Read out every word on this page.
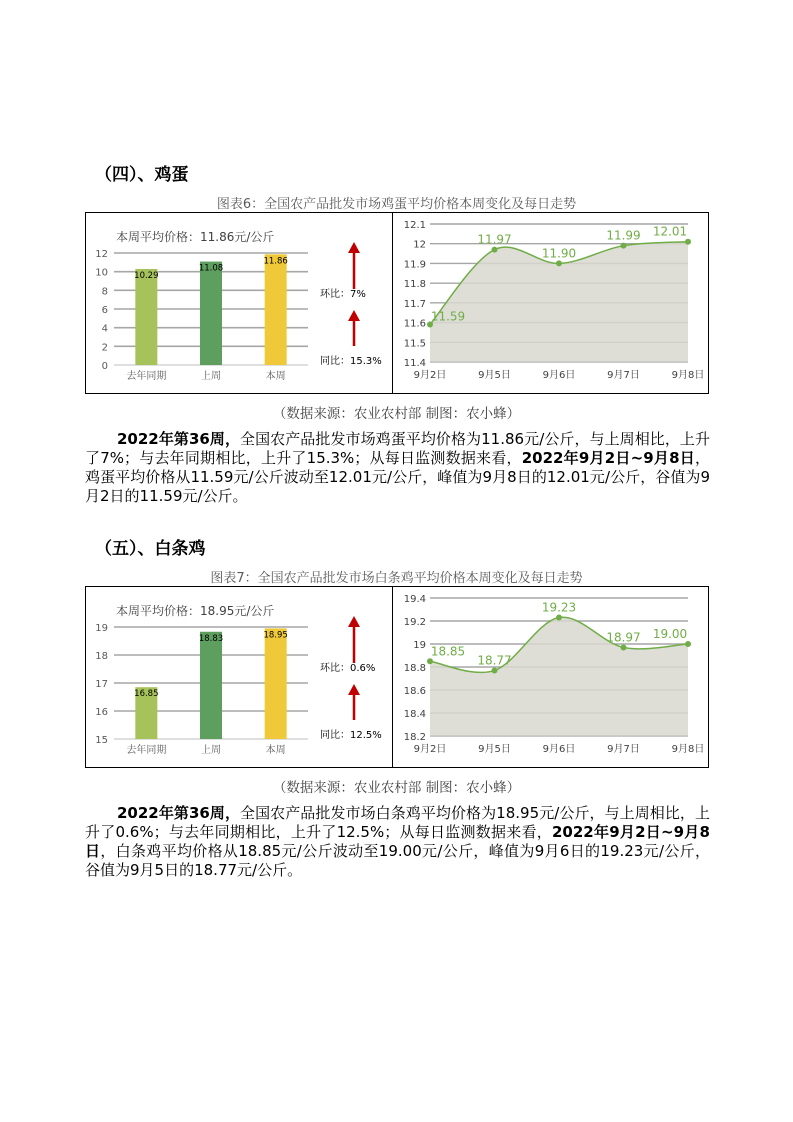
（四）、鸡蛋
图表6：全国农产品批发市场鸡蛋平均价格本周变化及每日走势
本周平均价格：11.86元/公斤
0
2
4
6
8
10
12
10.29
去年同期
11.08
上周
11.86
本周
环比：7%
同比：15.3% 11.4
11.5
11.6
11.7
11.8
11.9
12
12.1
11.59
9月2日
11.97
9月5日
11.90
9月6日
11.99
9月7日
12.01
9月8日
（数据来源：农业农村部 制图：农小蜂）

2022年第36周，全国农产品批发市场鸡蛋平均价格为11.86元/公斤，与上周相比，上升了7%；与去年同期相比，上升了15.3%；从每日监测数据来看，2022年9月2日~9月8日，鸡蛋平均价格从11.59元/公斤波动至12.01元/公斤，峰值为9月8日的12.01元/公斤，谷值为9月2日的11.59元/公斤。

（五）、白条鸡
图表7：全国农产品批发市场白条鸡平均价格本周变化及每日走势
本周平均价格：18.95元/公斤
15
16
17
18
19
16.85
去年同期
18.83
上周
18.95
本周
环比：0.6%
同比：12.5% 18.2
18.4
18.6
18.8
19
19.2
19.4
18.85
9月2日
18.77
9月5日
19.23
9月6日
18.97
9月7日
19.00
9月8日
（数据来源：农业农村部 制图：农小蜂）

2022年第36周，全国农产品批发市场白条鸡平均价格为18.95元/公斤，与上周相比，上升了0.6%；与去年同期相比，上升了12.5%；从每日监测数据来看，2022年9月2日~9月8日，白条鸡平均价格从18.85元/公斤波动至19.00元/公斤，峰值为9月6日的19.23元/公斤，谷值为9月5日的18.77元/公斤。
